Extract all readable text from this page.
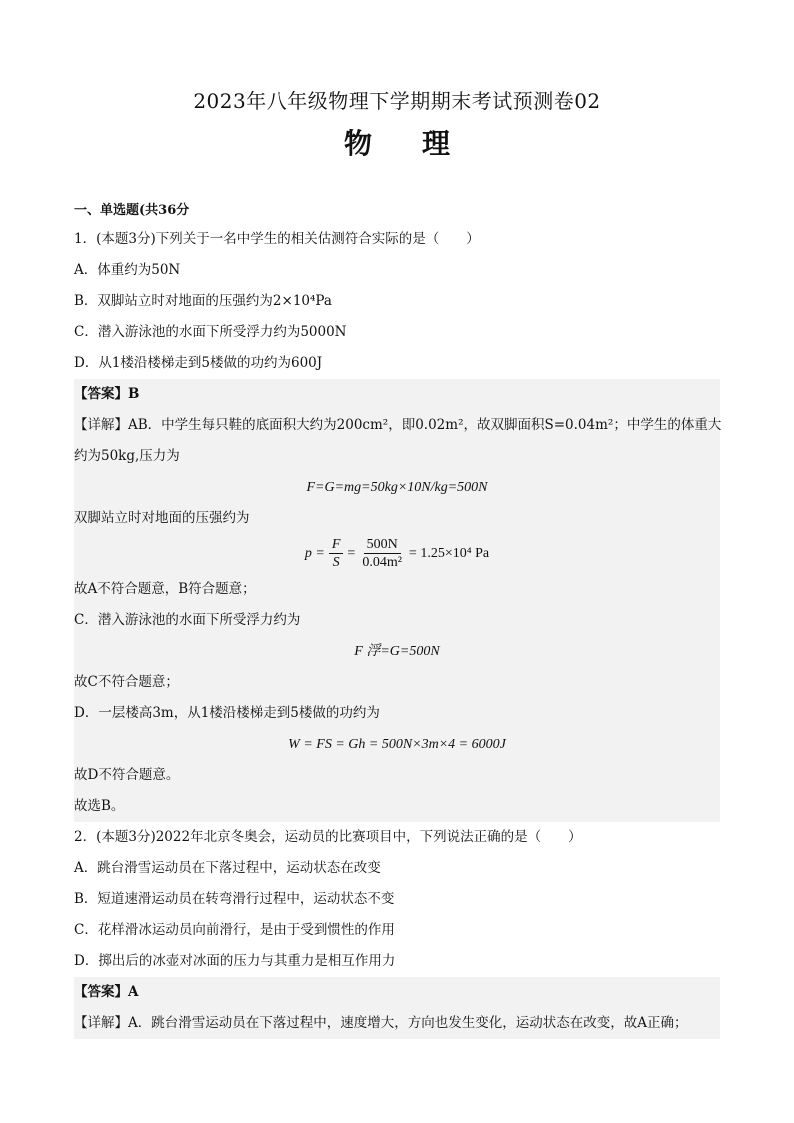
2023年八年级物理下学期期末考试预测卷02
物 理
一、单选题(共36分
1．(本题3分)下列关于一名中学生的相关估测符合实际的是（　　）
A．体重约为50N
B．双脚站立时对地面的压强约为2×10⁴Pa
C．潜入游泳池的水面下所受浮力约为5000N
D．从1楼沿楼梯走到5楼做的功约为600J
【答案】B
【详解】AB．中学生每只鞋的底面积大约为200cm²，即0.02m²，故双脚面积S=0.04m²；中学生的体重大
约为50kg,压力为
F=G=mg=50kg×10N/kg=500N
双脚站立时对地面的压强约为
$p = \frac{F}{S} = \frac{500N}{\text{0.04m²}} = 1.25\times 10^4$ Pa
故A不符合题意，B符合题意；
C．潜入游泳池的水面下所受浮力约为
F 浮=G=500N
故C不符合题意；
D．一层楼高3m，从1楼沿楼梯走到5楼做的功约为
W = FS = Gh = 500N×3m×4 = 6000J
故D不符合题意。
故选B。
2．(本题3分)2022年北京冬奥会，运动员的比赛项目中，下列说法正确的是（　　）
A．跳台滑雪运动员在下落过程中，运动状态在改变
B．短道速滑运动员在转弯滑行过程中，运动状态不变
C．花样滑冰运动员向前滑行，是由于受到惯性的作用
D．掷出后的冰壶对冰面的压力与其重力是相互作用力
【答案】A
【详解】A．跳台滑雪运动员在下落过程中，速度增大，方向也发生变化，运动状态在改变，故A正确；
